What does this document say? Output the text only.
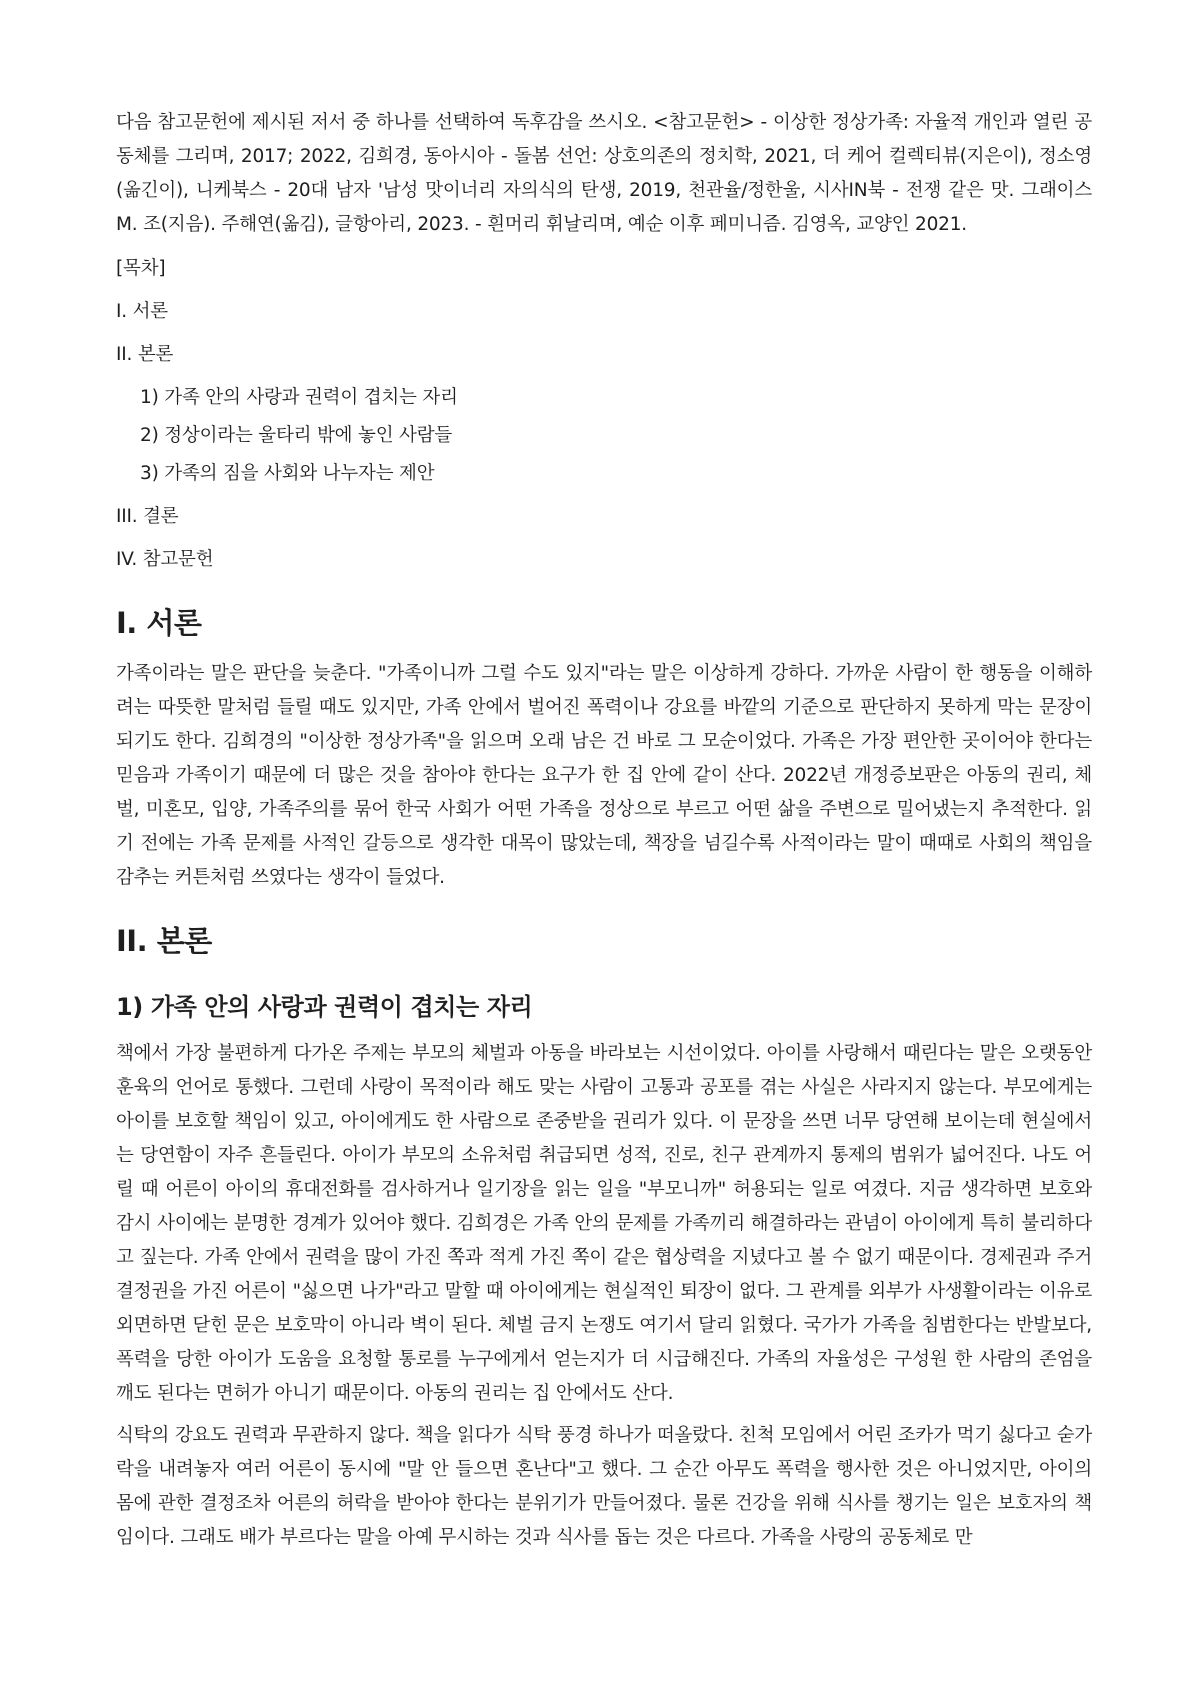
다음 참고문헌에 제시된 저서 중 하나를 선택하여 독후감을 쓰시오. <참고문헌> - 이상한 정상가족: 자율적 개인과 열린 공동체를 그리며, 2017; 2022, 김희경, 동아시아 - 돌봄 선언: 상호의존의 정치학, 2021, 더 케어 컬렉티뷰(지은이), 정소영(옮긴이), 니케북스 - 20대 남자 '남성 맛이너리 자의식의 탄생, 2019, 천관율/정한울, 시사IN북 - 전쟁 같은 맛. 그래이스 M. 조(지음). 주해연(옮김), 글항아리, 2023. - 흰머리 휘날리며, 예순 이후 페미니즘. 김영옥, 교양인 2021.

[목차]

I. 서론
II. 본론
1) 가족 안의 사랑과 권력이 겹치는 자리
2) 정상이라는 울타리 밖에 놓인 사람들
3) 가족의 짐을 사회와 나누자는 제안
III. 결론
IV. 참고문헌
I. 서론

가족이라는 말은 판단을 늦춘다. "가족이니까 그럴 수도 있지"라는 말은 이상하게 강하다. 가까운 사람이 한 행동을 이해하려는 따뜻한 말처럼 들릴 때도 있지만, 가족 안에서 벌어진 폭력이나 강요를 바깥의 기준으로 판단하지 못하게 막는 문장이 되기도 한다. 김희경의 "이상한 정상가족"을 읽으며 오래 남은 건 바로 그 모순이었다. 가족은 가장 편안한 곳이어야 한다는 믿음과 가족이기 때문에 더 많은 것을 참아야 한다는 요구가 한 집 안에 같이 산다. 2022년 개정증보판은 아동의 권리, 체벌, 미혼모, 입양, 가족주의를 묶어 한국 사회가 어떤 가족을 정상으로 부르고 어떤 삶을 주변으로 밀어냈는지 추적한다. 읽기 전에는 가족 문제를 사적인 갈등으로 생각한 대목이 많았는데, 책장을 넘길수록 사적이라는 말이 때때로 사회의 책임을 감추는 커튼처럼 쓰였다는 생각이 들었다.

II. 본론
1) 가족 안의 사랑과 권력이 겹치는 자리

책에서 가장 불편하게 다가온 주제는 부모의 체벌과 아동을 바라보는 시선이었다. 아이를 사랑해서 때린다는 말은 오랫동안 훈육의 언어로 통했다. 그런데 사랑이 목적이라 해도 맞는 사람이 고통과 공포를 겪는 사실은 사라지지 않는다. 부모에게는 아이를 보호할 책임이 있고, 아이에게도 한 사람으로 존중받을 권리가 있다. 이 문장을 쓰면 너무 당연해 보이는데 현실에서는 당연함이 자주 흔들린다. 아이가 부모의 소유처럼 취급되면 성적, 진로, 친구 관계까지 통제의 범위가 넓어진다. 나도 어릴 때 어른이 아이의 휴대전화를 검사하거나 일기장을 읽는 일을 "부모니까" 허용되는 일로 여겼다. 지금 생각하면 보호와 감시 사이에는 분명한 경계가 있어야 했다. 김희경은 가족 안의 문제를 가족끼리 해결하라는 관념이 아이에게 특히 불리하다고 짚는다. 가족 안에서 권력을 많이 가진 쪽과 적게 가진 쪽이 같은 협상력을 지녔다고 볼 수 없기 때문이다. 경제권과 주거 결정권을 가진 어른이 "싫으면 나가"라고 말할 때 아이에게는 현실적인 퇴장이 없다. 그 관계를 외부가 사생활이라는 이유로 외면하면 닫힌 문은 보호막이 아니라 벽이 된다. 체벌 금지 논쟁도 여기서 달리 읽혔다. 국가가 가족을 침범한다는 반발보다, 폭력을 당한 아이가 도움을 요청할 통로를 누구에게서 얻는지가 더 시급해진다. 가족의 자율성은 구성원 한 사람의 존엄을 깨도 된다는 면허가 아니기 때문이다. 아동의 권리는 집 안에서도 산다.

식탁의 강요도 권력과 무관하지 않다. 책을 읽다가 식탁 풍경 하나가 떠올랐다. 친척 모임에서 어린 조카가 먹기 싫다고 숟가락을 내려놓자 여러 어른이 동시에 "말 안 들으면 혼난다"고 했다. 그 순간 아무도 폭력을 행사한 것은 아니었지만, 아이의 몸에 관한 결정조차 어른의 허락을 받아야 한다는 분위기가 만들어졌다. 물론 건강을 위해 식사를 챙기는 일은 보호자의 책임이다. 그래도 배가 부르다는 말을 아예 무시하는 것과 식사를 돕는 것은 다르다. 가족을 사랑의 공동체로 만
